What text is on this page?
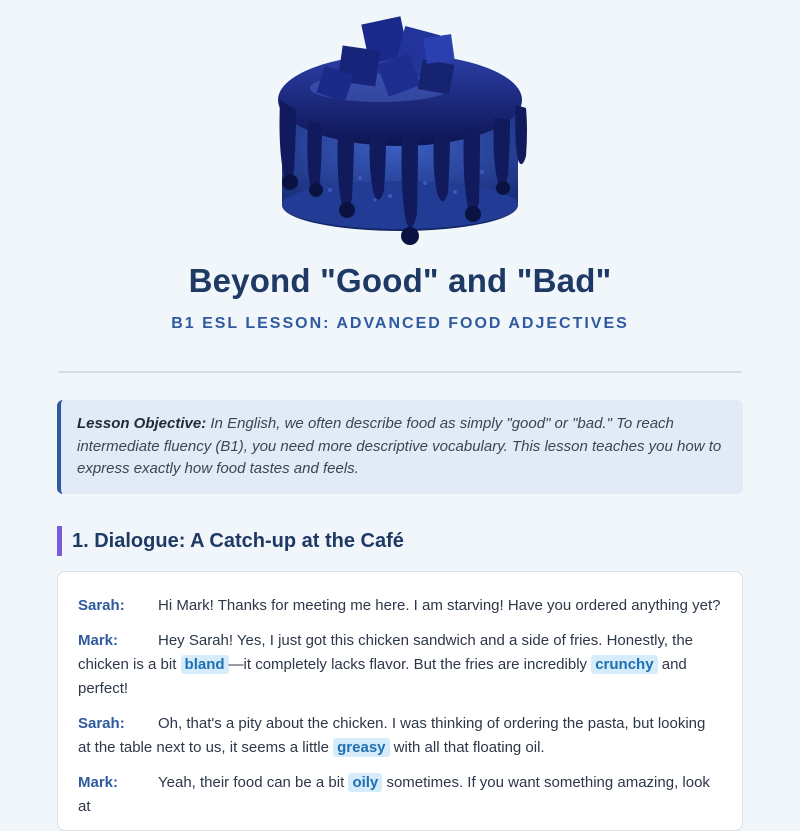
Beyond "Good" and "Bad"
B1 ESL LESSON: ADVANCED FOOD ADJECTIVES
Lesson Objective: In English, we often describe food as simply "good" or "bad." To reach intermediate fluency (B1), you need more descriptive vocabulary. This lesson teaches you how to express exactly how food tastes and feels.
1. Dialogue: A Catch-up at the Café
Sarah: Hi Mark! Thanks for meeting me here. I am starving! Have you ordered anything yet?
Mark:	Hey Sarah! Yes, I just got this chicken sandwich and a side of fries. Honestly, the chicken is a bit bland —it completely lacks flavor. But the fries are incredibly crunchy and perfect!
Sarah: Oh, that's a pity about the chicken. I was thinking of ordering the pasta, but looking at the table next to us, it seems a little greasy with all that floating oil.
Mark:	Yeah, their food can be a bit oily sometimes. If you want something amazing, look at
